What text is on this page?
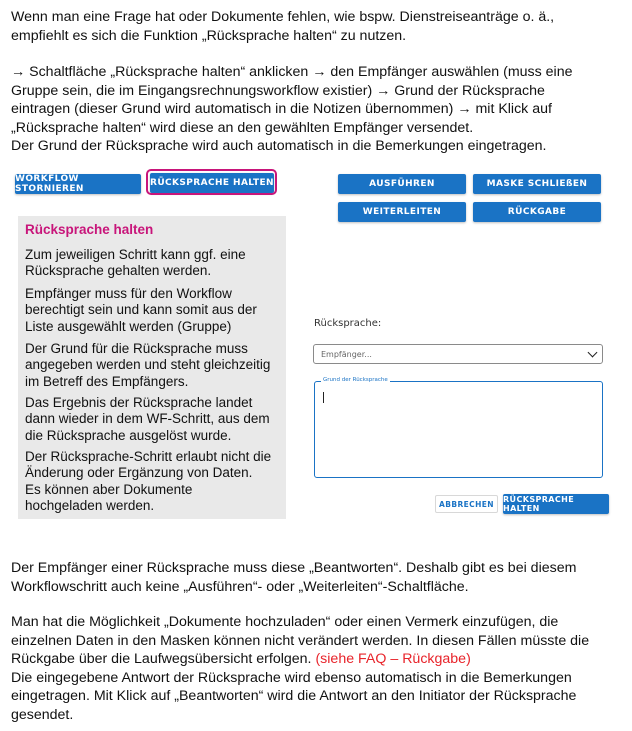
Wenn man eine Frage hat oder Dokumente fehlen, wie bspw. Dienstreiseanträge o. ä.,
empfiehlt es sich die Funktion „Rücksprache halten“ zu nutzen.

→ Schaltfläche „Rücksprache halten“ anklicken → den Empfänger auswählen (muss eine
Gruppe sein, die im Eingangsrechnungsworkflow existier) → Grund der Rücksprache
eintragen (dieser Grund wird automatisch in die Notizen übernommen) → mit Klick auf
„Rücksprache halten“ wird diese an den gewählten Empfänger versendet.
Der Grund der Rücksprache wird auch automatisch in die Bemerkungen eingetragen.

WORKFLOW STORNIEREN
RÜCKSPRACHE HALTEN	AUSFÜHREN	MASKE SCHLIEßEN
WEITERLEITEN	RÜCKGABE

Rücksprache halten

Zum jeweiligen Schritt kann ggf. eine
Rücksprache gehalten werden.

Empfänger muss für den Workflow
berechtigt sein und kann somit aus der
Liste ausgewählt werden (Gruppe)

Der Grund für die Rücksprache muss
angegeben werden und steht gleichzeitig
im Betreff des Empfängers.

Das Ergebnis der Rücksprache landet
dann wieder in dem WF-Schritt, aus dem
die Rücksprache ausgelöst wurde.

Der Rücksprache-Schritt erlaubt nicht die
Änderung oder Ergänzung von Daten.
Es können aber Dokumente
hochgeladen werden.

Rücksprache:
Empfänger...
Grund der Rücksprache
ABBRECHEN	RÜCKSPRACHE HALTEN

Der Empfänger einer Rücksprache muss diese „Beantworten“. Deshalb gibt es bei diesem
Workflowschritt auch keine „Ausführen“- oder „Weiterleiten“-Schaltfläche.

Man hat die Möglichkeit „Dokumente hochzuladen“ oder einen Vermerk einzufügen, die
einzelnen Daten in den Masken können nicht verändert werden. In diesen Fällen müsste die
Rückgabe über die Laufwegsübersicht erfolgen. (siehe FAQ – Rückgabe)
Die eingegebene Antwort der Rücksprache wird ebenso automatisch in die Bemerkungen
eingetragen. Mit Klick auf „Beantworten“ wird die Antwort an den Initiator der Rücksprache
gesendet.
